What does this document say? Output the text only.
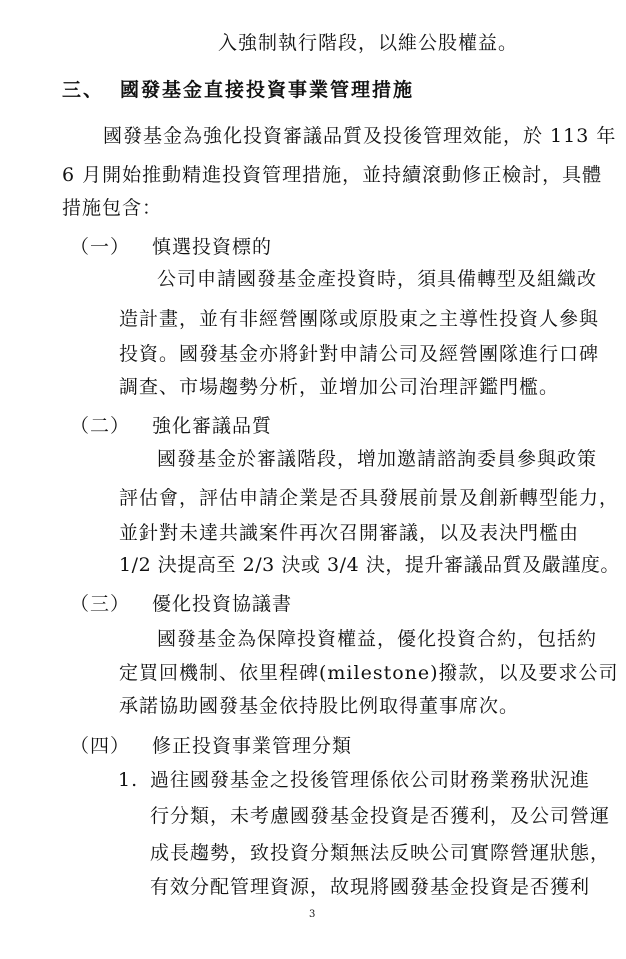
入強制執行階段，以維公股權益。
三、 國發基金直接投資事業管理措施
國發基金為強化投資審議品質及投後管理效能，於 113 年
6 月開始推動精進投資管理措施，並持續滾動修正檢討，具體
措施包含：
（一） 慎選投資標的
公司申請國發基金產投資時，須具備轉型及組織改
造計畫，並有非經營團隊或原股東之主導性投資人參與
投資。國發基金亦將針對申請公司及經營團隊進行口碑
調查、市場趨勢分析，並增加公司治理評鑑門檻。
（二） 強化審議品質
國發基金於審議階段，增加邀請諮詢委員參與政策
評估會，評估申請企業是否具發展前景及創新轉型能力，
並針對未達共識案件再次召開審議，以及表決門檻由
1/2 決提高至 2/3 決或 3/4 決，提升審議品質及嚴謹度。
（三） 優化投資協議書
國發基金為保障投資權益，優化投資合約，包括約
定買回機制、依里程碑(milestone)撥款，以及要求公司
承諾協助國發基金依持股比例取得董事席次。
（四） 修正投資事業管理分類
1. 過往國發基金之投後管理係依公司財務業務狀況進
行分類，未考慮國發基金投資是否獲利，及公司營運
成長趨勢，致投資分類無法反映公司實際營運狀態，
有效分配管理資源，故現將國發基金投資是否獲利
3
